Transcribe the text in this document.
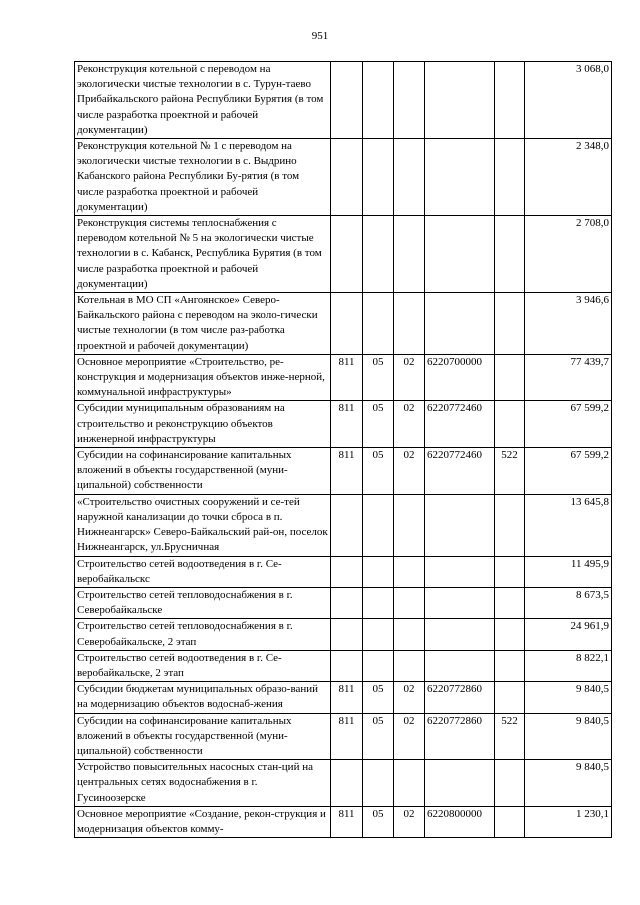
951
Реконструкция котельной с переводом на экологически чистые технологии в с. Турун-таево Прибайкальского района Республики Бурятия (в том числе разработка проектной и рабочей документации)						3 068,0
Реконструкция котельной № 1 с переводом на экологически чистые технологии в с. Выдрино Кабанского района Республики Бу-рятия (в том числе разработка проектной и рабочей документации)						2 348,0
Реконструкция системы теплоснабжения с переводом котельной № 5 на экологически чистые технологии в с. Кабанск, Республика Бурятия (в том числе разработка проектной и рабочей документации)						2 708,0
Котельная в МО СП «Ангоянское» Северо-Байкальского района с переводом на эколо-гически чистые технологии (в том числе раз-работка проектной и рабочей документации)						3 946,6
Основное мероприятие «Строительство, ре-конструкция и модернизация объектов инже-нерной, коммунальной инфраструктуры»	811	05	02	6220700000		77 439,7
Субсидии муниципальным образованиям на строительство и реконструкцию объектов инженерной инфраструктуры	811	05	02	6220772460		67 599,2
Субсидии на софинансирование капитальных вложений в объекты государственной (муни-ципальной) собственности	811	05	02	6220772460	522	67 599,2
«Строительство очистных сооружений и се-тей наружной канализации до точки сброса в п. Нижнеангарск» Северо-Байкальский рай-он, поселок Нижнеангарск, ул.Брусничная						13 645,8
Строительство сетей водоотведения в г. Се-веробайкальскс						11 495,9
Строительство сетей тепловодоснабжения в г. Северобайкальске						8 673,5
Строительство сетей тепловодоснабжения в г. Северобайкальске, 2 этап						24 961,9
Строительство сетей водоотведения в г. Се-веробайкальске, 2 этап						8 822,1
Субсидии бюджетам муниципальных образо-ваний на модернизацию объектов водоснаб-жения	811	05	02	6220772860		9 840,5
Субсидии на софинансирование капитальных вложений в объекты государственной (муни-ципальной) собственности	811	05	02	6220772860	522	9 840,5
Устройство повысительных насосных стан-ций на центральных сетях водоснабжения в г. Гусиноозерске						9 840,5
Основное мероприятие «Создание, рекон-струкция и модернизация объектов комму-	811	05	02	6220800000		1 230,1
